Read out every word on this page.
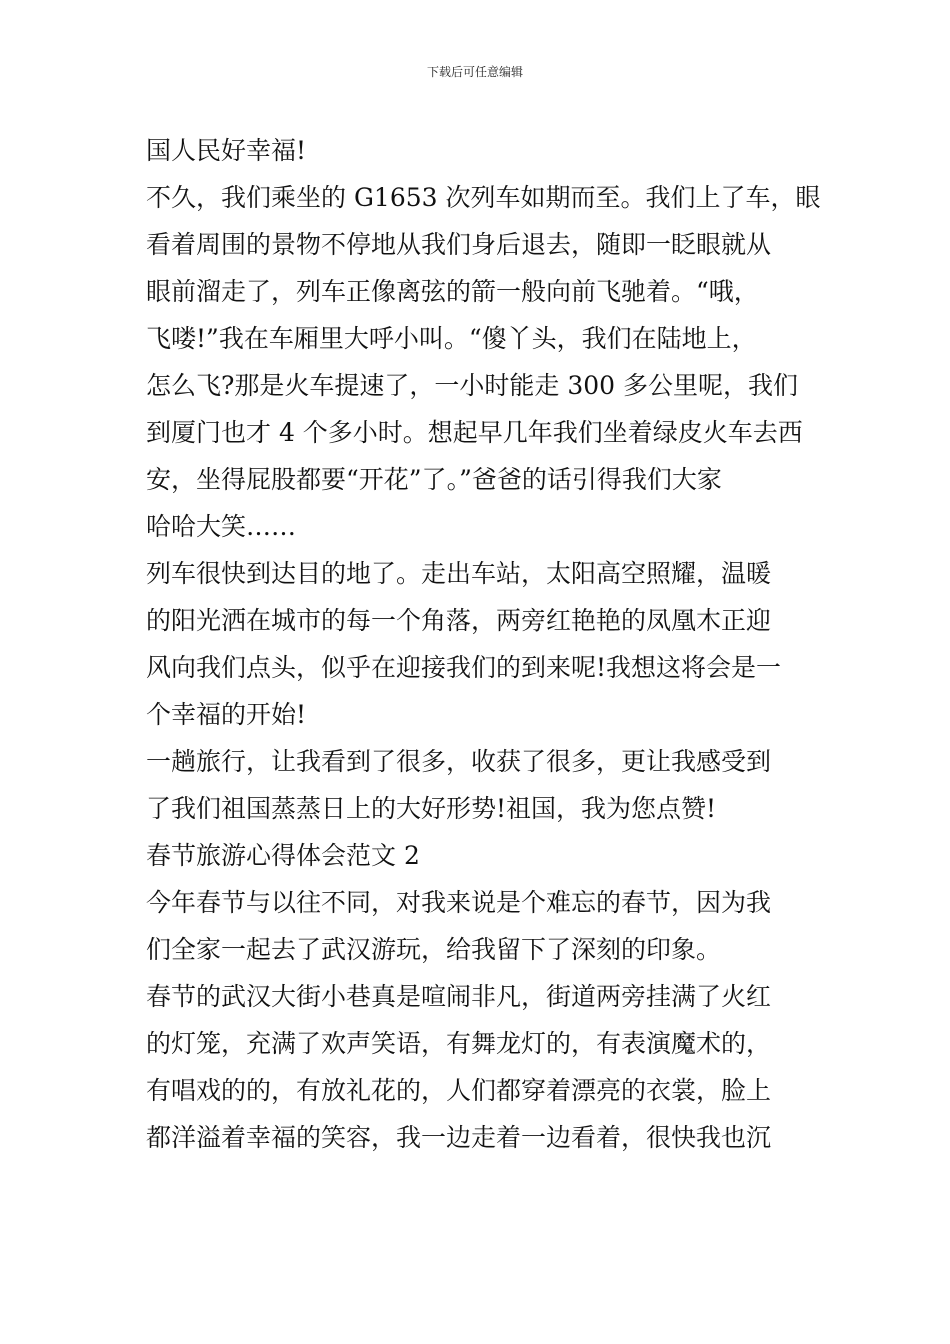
下载后可任意编辑
国人民好幸福!
不久，我们乘坐的 G1653 次列车如期而至。我们上了车，眼
看着周围的景物不停地从我们身后退去，随即一眨眼就从
眼前溜走了，列车正像离弦的箭一般向前飞驰着。“哦，
飞喽!”我在车厢里大呼小叫。“傻丫头，我们在陆地上，
怎么飞?那是火车提速了，一小时能走 300 多公里呢，我们
到厦门也才 4 个多小时。想起早几年我们坐着绿皮火车去西
安，坐得屁股都要“开花”了。”爸爸的话引得我们大家
哈哈大笑……
列车很快到达目的地了。走出车站，太阳高空照耀，温暖
的阳光洒在城市的每一个角落，两旁红艳艳的凤凰木正迎
风向我们点头，似乎在迎接我们的到来呢!我想这将会是一
个幸福的开始!
一趟旅行，让我看到了很多，收获了很多，更让我感受到
了我们祖国蒸蒸日上的大好形势!祖国，我为您点赞!
春节旅游心得体会范文 2
今年春节与以往不同，对我来说是个难忘的春节，因为我
们全家一起去了武汉游玩，给我留下了深刻的印象。
春节的武汉大街小巷真是喧闹非凡，街道两旁挂满了火红
的灯笼，充满了欢声笑语，有舞龙灯的，有表演魔术的，
有唱戏的的，有放礼花的，人们都穿着漂亮的衣裳，脸上
都洋溢着幸福的笑容，我一边走着一边看着，很快我也沉
